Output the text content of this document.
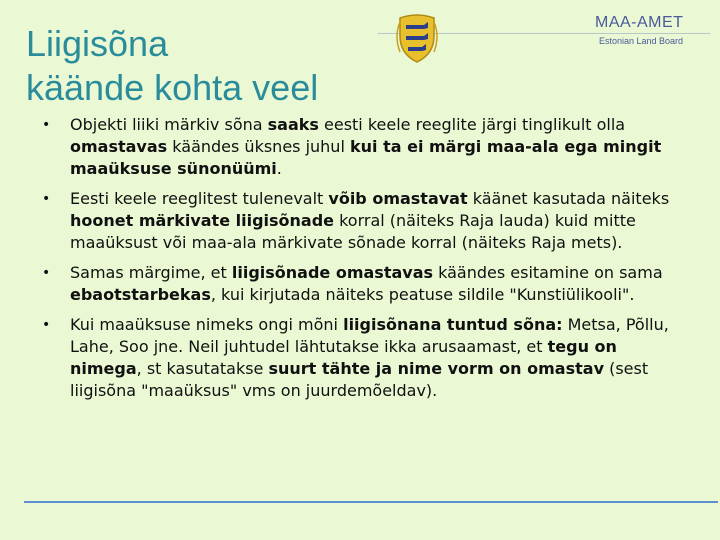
Liigisõna
käände kohta veel
MAA-AMET
Estonian Land Board
• Objekti liiki märkiv sõna saaks eesti keele reeglite järgi tinglikult olla omastavas käändes üksnes juhul kui ta ei märgi maa-ala ega mingit maaüksuse sünonüümi.
• Eesti keele reeglitest tulenevalt võib omastavat käänet kasutada näiteks hoonet märkivate liigisõnade korral (näiteks Raja lauda) kuid mitte maaüksust või maa-ala märkivate sõnade korral (näiteks Raja mets).
• Samas märgime, et liigisõnade omastavas käändes esitamine on sama ebaotstarbekas, kui kirjutada näiteks peatuse sildile "Kunstiülikooli".
• Kui maaüksuse nimeks ongi mõni liigisõnana tuntud sõna: Metsa, Põllu, Lahe, Soo jne. Neil juhtudel lähtutakse ikka arusaamast, et tegu on nimega, st kasutatakse suurt tähte ja nime vorm on omastav (sest liigisõna "maaüksus" vms on juurdemõeldav).
